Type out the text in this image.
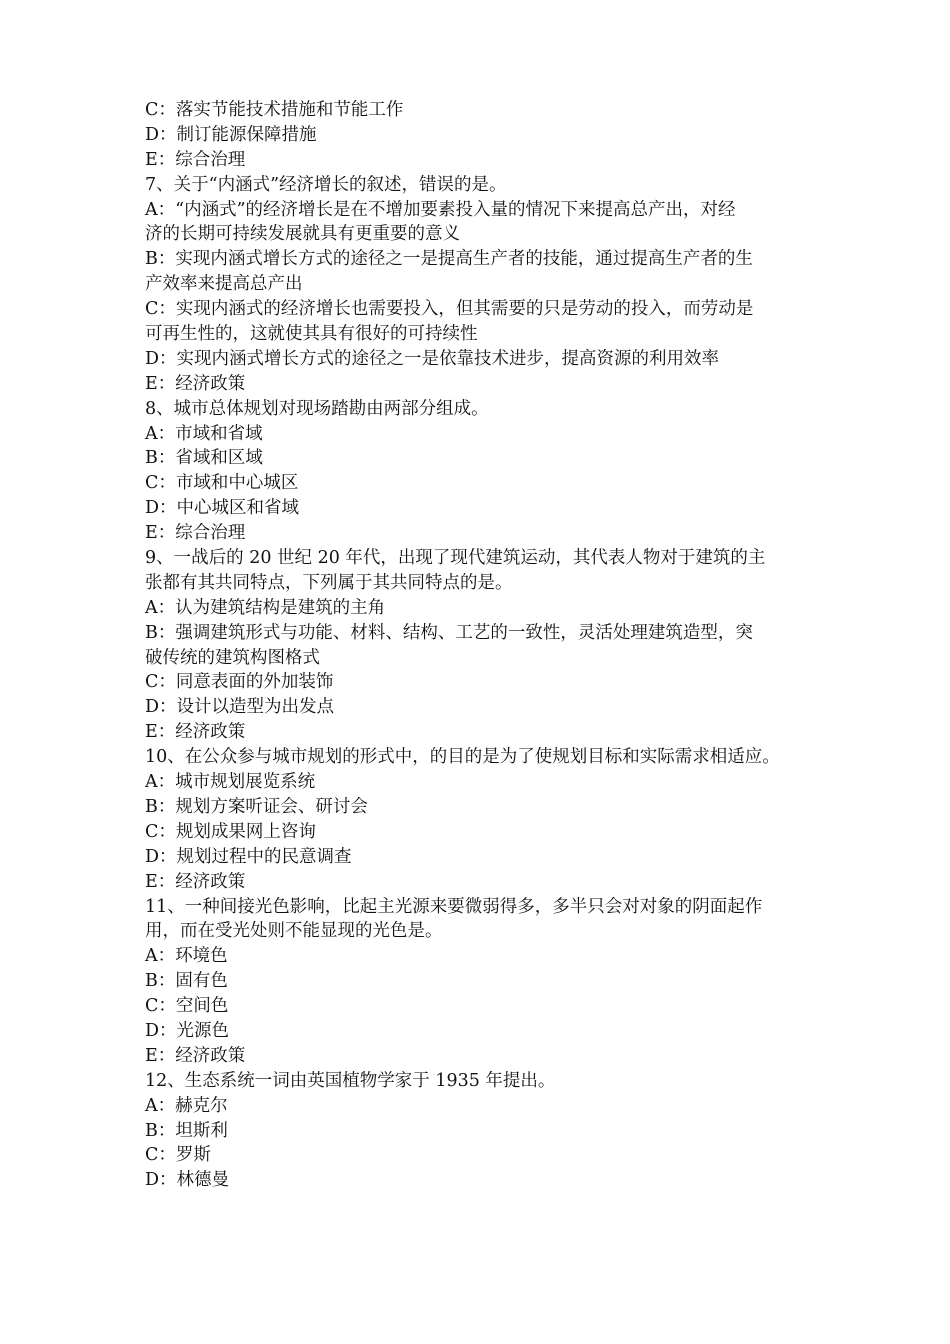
C：落实节能技术措施和节能工作
D：制订能源保障措施
E：综合治理
7、关于“内涵式”经济增长的叙述，错误的是。
A：“内涵式”的经济增长是在不增加要素投入量的情况下来提高总产出，对经
济的长期可持续发展就具有更重要的意义
B：实现内涵式增长方式的途径之一是提高生产者的技能，通过提高生产者的生
产效率来提高总产出
C：实现内涵式的经济增长也需要投入，但其需要的只是劳动的投入，而劳动是
可再生性的，这就使其具有很好的可持续性
D：实现内涵式增长方式的途径之一是依靠技术进步，提高资源的利用效率
E：经济政策
8、城市总体规划对现场踏勘由两部分组成。
A：市域和省域
B：省域和区域
C：市域和中心城区
D：中心城区和省域
E：综合治理
9、一战后的 20 世纪 20 年代，出现了现代建筑运动，其代表人物对于建筑的主
张都有其共同特点，下列属于其共同特点的是。
A：认为建筑结构是建筑的主角
B：强调建筑形式与功能、材料、结构、工艺的一致性，灵活处理建筑造型，突
破传统的建筑构图格式
C：同意表面的外加装饰
D：设计以造型为出发点
E：经济政策
10、在公众参与城市规划的形式中，的目的是为了使规划目标和实际需求相适应。
A：城市规划展览系统
B：规划方案听证会、研讨会
C：规划成果网上咨询
D：规划过程中的民意调查
E：经济政策
11、一种间接光色影响，比起主光源来要微弱得多，多半只会对对象的阴面起作
用，而在受光处则不能显现的光色是。
A：环境色
B：固有色
C：空间色
D：光源色
E：经济政策
12、生态系统一词由英国植物学家于 1935 年提出。
A：赫克尔
B：坦斯利
C：罗斯
D：林德曼
